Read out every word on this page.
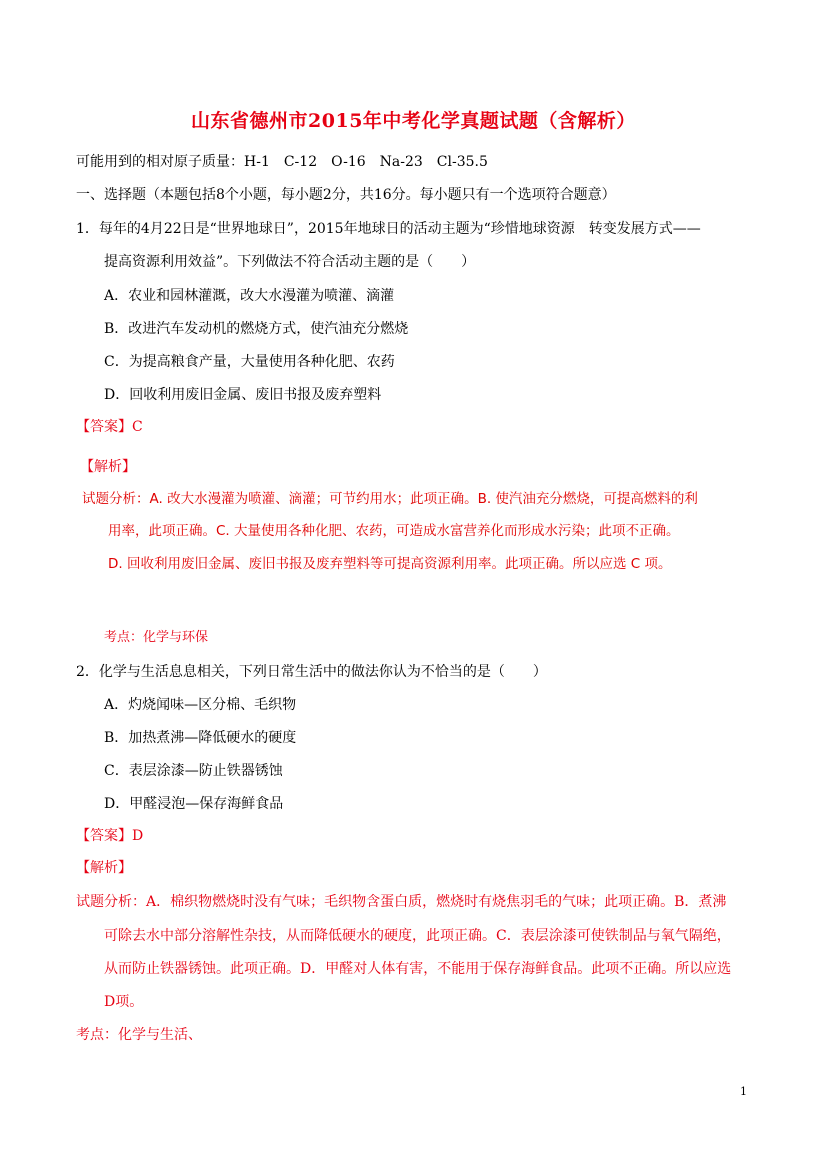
山东省德州市2015年中考化学真题试题（含解析）
可能用到的相对原子质量：H-1　C-12　O-16　Na-23　Cl-35.5
一、选择题（本题包括8个小题，每小题2分，共16分。每小题只有一个选项符合题意）
1．每年的4月22日是“世界地球日”，2015年地球日的活动主题为“珍惜地球资源　转变发展方式——
提高资源利用效益”。下列做法不符合活动主题的是（　　）
A．农业和园林灌溉，改大水漫灌为喷灌、滴灌
B．改进汽车发动机的燃烧方式，使汽油充分燃烧
C．为提高粮食产量，大量使用各种化肥、农药
D．回收利用废旧金属、废旧书报及废弃塑料
【答案】C
【解析】
试题分析：A. 改大水漫灌为喷灌、滴灌；可节约用水；此项正确。B. 使汽油充分燃烧，可提高燃料的利
用率，此项正确。C. 大量使用各种化肥、农药，可造成水富营养化而形成水污染；此项不正确。
D. 回收利用废旧金属、废旧书报及废弃塑料等可提高资源利用率。此项正确。所以应选 C 项。
考点：化学与环保
2．化学与生活息息相关，下列日常生活中的做法你认为不恰当的是（　　）
A．灼烧闻味—区分棉、毛织物
B．加热煮沸—降低硬水的硬度
C．表层涂漆—防止铁器锈蚀
D．甲醛浸泡—保存海鲜食品
【答案】D
【解析】
试题分析：A．棉织物燃烧时没有气味；毛织物含蛋白质，燃烧时有烧焦羽毛的气味；此项正确。B．煮沸
可除去水中部分溶解性杂技，从而降低硬水的硬度，此项正确。C．表层涂漆可使铁制品与氧气隔绝，
从而防止铁器锈蚀。此项正确。D．甲醛对人体有害，不能用于保存海鲜食品。此项不正确。所以应选
D项。
考点：化学与生活、
1
